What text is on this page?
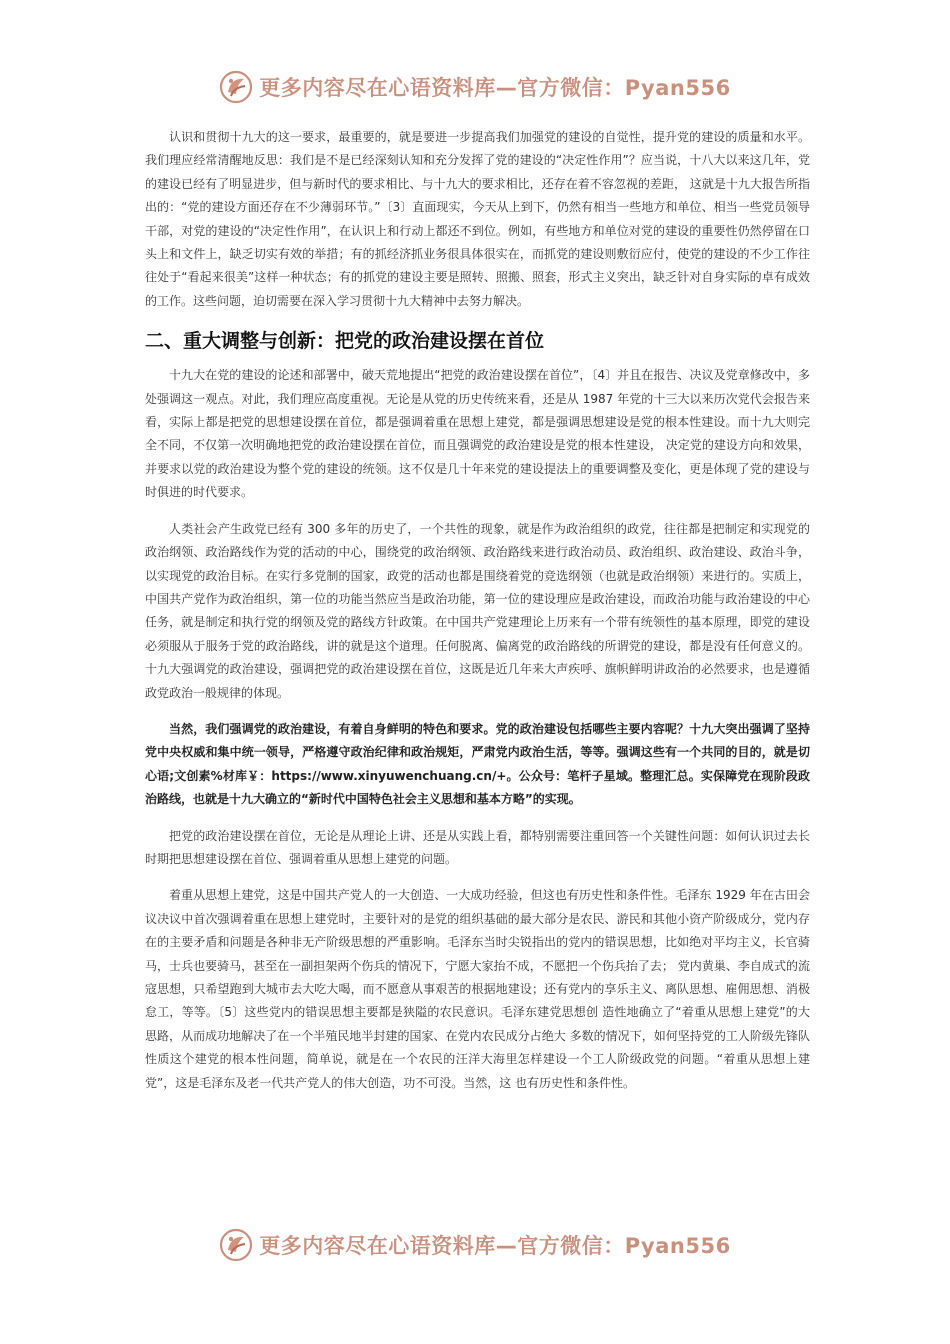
更多内容尽在心语资料库—官方微信：Pyan556

认识和贯彻十九大的这一要求，最重要的，就是要进一步提高我们加强党的建设的自觉性，提升党的建设的质量和水平。我们理应经常清醒地反思：我们是不是已经深刻认知和充分发挥了党的建设的“决定性作用”？应当说，十八大以来这几年，党的建设已经有了明显进步，但与新时代的要求相比、与十九大的要求相比，还存在着不容忽视的差距， 这就是十九大报告所指出的：“党的建设方面还存在不少薄弱环节。”〔3〕直面现实，今天从上到下，仍然有相当一些地方和单位、相当一些党员领导干部，对党的建设的“决定性作用”，在认识上和行动上都还不到位。例如，有些地方和单位对党的建设的重要性仍然停留在口头上和文件上，缺乏切实有效的举措；有的抓经济抓业务很具体很实在，而抓党的建设则敷衍应付，使党的建设的不少工作往往处于“看起来很美”这样一种状态；有的抓党的建设主要是照转、照搬、照套，形式主义突出，缺乏针对自身实际的卓有成效的工作。这些问题，迫切需要在深入学习贯彻十九大精神中去努力解决。

二、重大调整与创新：把党的政治建设摆在首位

十九大在党的建设的论述和部署中，破天荒地提出“把党的政治建设摆在首位”，〔4〕并且在报告、决议及党章修改中，多处强调这一观点。对此，我们理应高度重视。无论是从党的历史传统来看，还是从 1987 年党的十三大以来历次党代会报告来看，实际上都是把党的思想建设摆在首位，都是强调着重在思想上建党，都是强调思想建设是党的根本性建设。而十九大则完全不同，不仅第一次明确地把党的政治建设摆在首位，而且强调党的政治建设是党的根本性建设， 决定党的建设方向和效果，并要求以党的政治建设为整个党的建设的统领。这不仅是几十年来党的建设提法上的重要调整及变化，更是体现了党的建设与时俱进的时代要求。

人类社会产生政党已经有 300 多年的历史了，一个共性的现象，就是作为政治组织的政党，往往都是把制定和实现党的政治纲领、政治路线作为党的活动的中心，围绕党的政治纲领、政治路线来进行政治动员、政治组织、政治建设、政治斗争，以实现党的政治目标。在实行多党制的国家，政党的活动也都是围绕着党的竞选纲领（也就是政治纲领）来进行的。实质上，中国共产党作为政治组织，第一位的功能当然应当是政治功能，第一位的建设理应是政治建设，而政治功能与政治建设的中心任务，就是制定和执行党的纲领及党的路线方针政策。在中国共产党建理论上历来有一个带有统领性的基本原理，即党的建设必须服从于服务于党的政治路线，讲的就是这个道理。任何脱离、偏离党的政治路线的所谓党的建设，都是没有任何意义的。十九大强调党的政治建设，强调把党的政治建设摆在首位，这既是近几年来大声疾呼、旗帜鲜明讲政治的必然要求，也是遵循政党政治一般规律的体现。

当然，我们强调党的政治建设，有着自身鲜明的特色和要求。党的政治建设包括哪些主要内容呢？十九大突出强调了坚持党中央权威和集中统一领导，严格遵守政治纪律和政治规矩，严肃党内政治生活，等等。强调这些有一个共同的目的，就是切心语;文创素%材库￥：https://www.xinyuwenchuang.cn/+。公众号：笔杆子星域。整理汇总。实保障党在现阶段政治路线，也就是十九大确立的“新时代中国特色社会主义思想和基本方略”的实现。

把党的政治建设摆在首位，无论是从理论上讲、还是从实践上看，都特别需要注重回答一个关键性问题：如何认识过去长时期把思想建设摆在首位、强调着重从思想上建党的问题。

着重从思想上建党，这是中国共产党人的一大创造、一大成功经验，但这也有历史性和条件性。毛泽东 1929 年在古田会议决议中首次强调着重在思想上建党时，主要针对的是党的组织基础的最大部分是农民、游民和其他小资产阶级成分，党内存在的主要矛盾和问题是各种非无产阶级思想的严重影响。毛泽东当时尖锐指出的党内的错误思想，比如绝对平均主义，长官骑马，士兵也要骑马，甚至在一副担架两个伤兵的情况下，宁愿大家抬不成，不愿把一个伤兵抬了去； 党内黄巢、李自成式的流寇思想，只希望跑到大城市去大吃大喝，而不愿意从事艰苦的根据地建设；还有党内的享乐主义、离队思想、雇佣思想、消极怠工，等等。〔5〕这些党内的错误思想主要都是狭隘的农民意识。毛泽东建党思想创 造性地确立了“着重从思想上建党”的大思路，从而成功地解决了在一个半殖民地半封建的国家、在党内农民成分占绝大 多数的情况下，如何坚持党的工人阶级先锋队性质这个建党的根本性问题，简单说，就是在一个农民的汪洋大海里怎样建设一个工人阶级政党的问题。“着重从思想上建党”，这是毛泽东及老一代共产党人的伟大创造，功不可没。当然，这 也有历史性和条件性。

更多内容尽在心语资料库—官方微信：Pyan556
